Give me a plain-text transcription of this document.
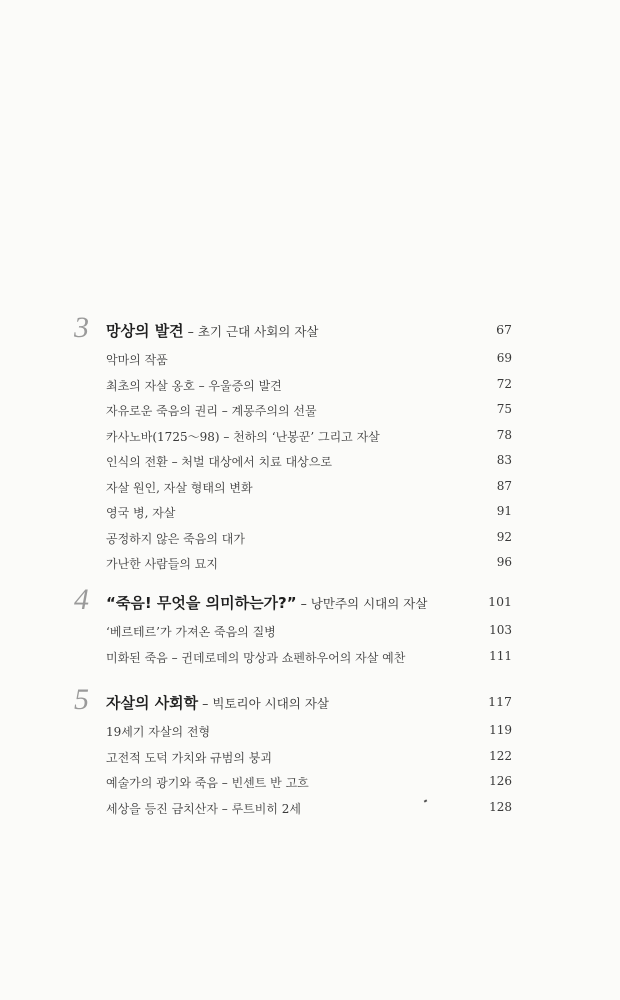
3 망상의 발견 – 초기 근대 사회의 자살	67
악마의 작품	69
최초의 자살 옹호 – 우울증의 발견	72
자유로운 죽음의 권리 – 계몽주의의 선물	75
카사노바(1725～98) – 천하의 ‘난봉꾼’ 그리고 자살	78
인식의 전환 – 처벌 대상에서 치료 대상으로	83
자살 원인, 자살 형태의 변화	87
영국 병, 자살	91
공정하지 않은 죽음의 대가	92
가난한 사람들의 묘지	96
4 “죽음! 무엇을 의미하는가?” – 낭만주의 시대의 자살	101
‘베르테르’가 가져온 죽음의 질병	103
미화된 죽음 – 귄데로데의 망상과 쇼펜하우어의 자살 예찬	111
5 자살의 사회학 – 빅토리아 시대의 자살	117
19세기 자살의 전형	119
고전적 도덕 가치와 규범의 붕괴	122
예술가의 광기와 죽음 – 빈센트 반 고흐	126
세상을 등진 금치산자 – 루트비히 2세	128
